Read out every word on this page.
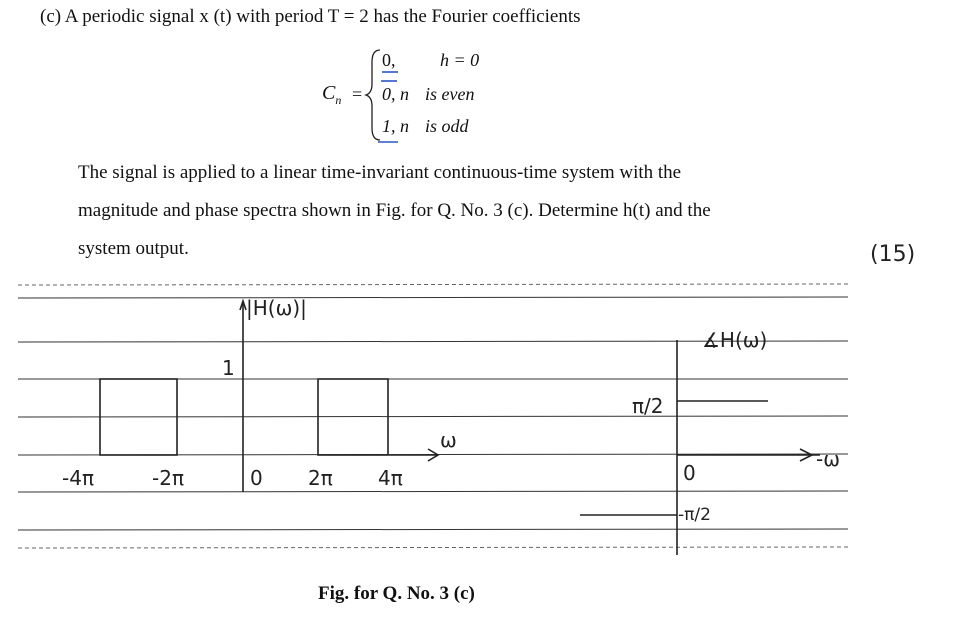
(c) A periodic signal x (t) with period T = 2 has the Fourier coefficients
$C_n$ =
0, h = 0
0, n is even
1, n is odd
The signal is applied to a linear time-invariant continuous-time system with the
magnitude and phase spectra shown in Fig. for Q. No. 3 (c). Determine h(t) and the
system output.	(15)
|H(ω)|
1
ω
-4π	-2π	0 2π 4π
∡H(ω)
π/2
0
-π/2
-ω
Fig. for Q. No. 3 (c)
